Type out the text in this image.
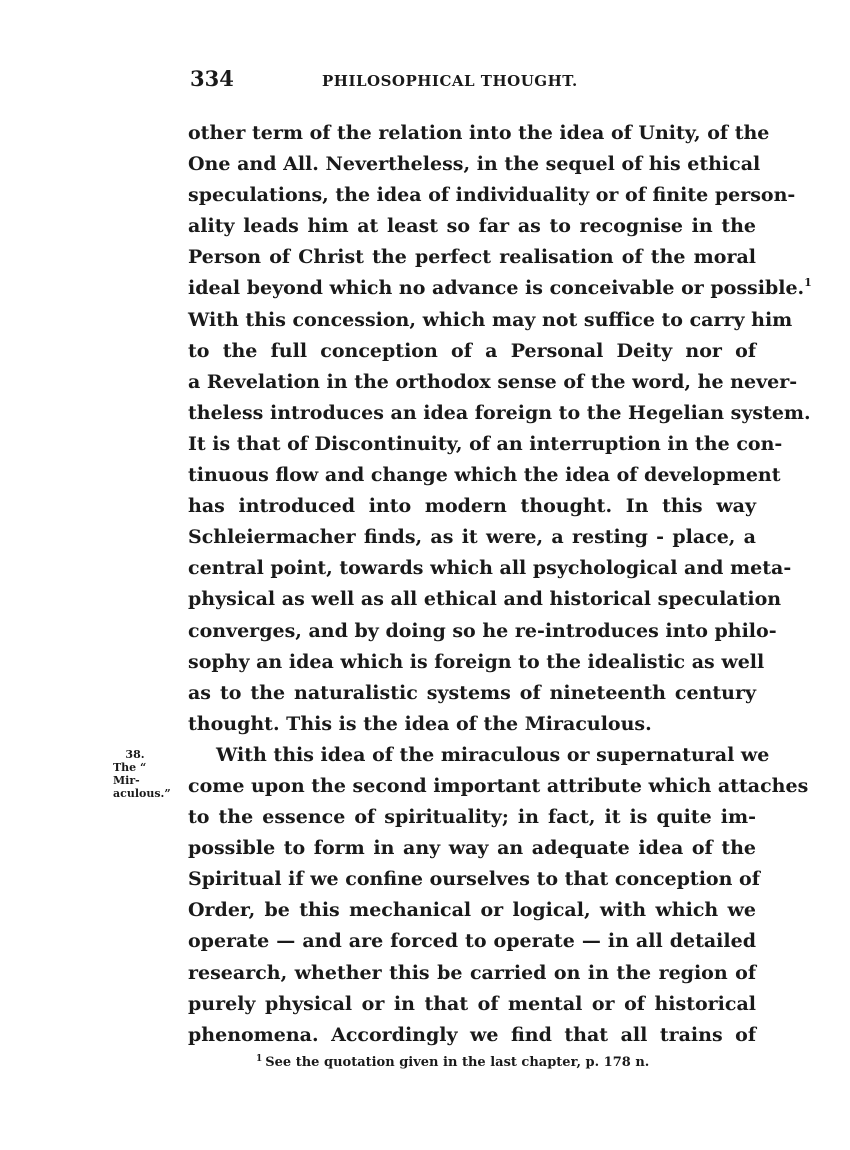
334	PHILOSOPHICAL THOUGHT.
38.
The “ Mir-
aculous.”
other term of the relation into the idea of Unity, of the
One and All. Nevertheless, in the sequel of his ethical
speculations, the idea of individuality or of finite person-
ality leads him at least so far as to recognise in the
Person of Christ the perfect realisation of the moral
ideal beyond which no advance is conceivable or possible.$^1$
With this concession, which may not suffice to carry him
to the full conception of a Personal Deity nor of
a Revelation in the orthodox sense of the word, he never-
theless introduces an idea foreign to the Hegelian system.
It is that of Discontinuity, of an interruption in the con-
tinuous flow and change which the idea of development
has introduced into modern thought. In this way
Schleiermacher finds, as it were, a resting - place, a
central point, towards which all psychological and meta-
physical as well as all ethical and historical speculation
converges, and by doing so he re-introduces into philo-
sophy an idea which is foreign to the idealistic as well
as to the naturalistic systems of nineteenth century
thought. This is the idea of the Miraculous.
With this idea of the miraculous or supernatural we
come upon the second important attribute which attaches
to the essence of spirituality; in fact, it is quite im-
possible to form in any way an adequate idea of the
Spiritual if we confine ourselves to that conception of
Order, be this mechanical or logical, with which we
operate — and are forced to operate — in all detailed
research, whether this be carried on in the region of
purely physical or in that of mental or of historical
phenomena. Accordingly we find that all trains of
$^1$ See the quotation given in the last chapter, p. 178 n.
